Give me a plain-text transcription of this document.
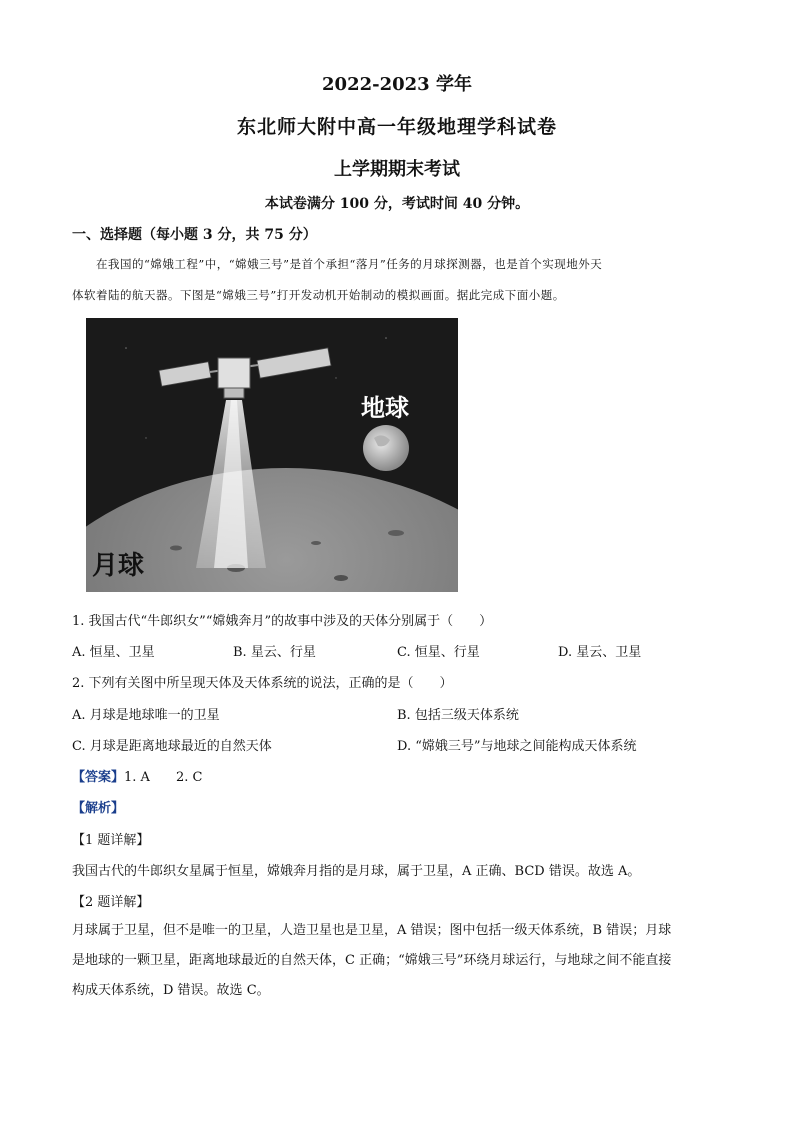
2022-2023 学年
东北师大附中高一年级地理学科试卷
上学期期末考试
本试卷满分 100 分，考试时间 40 分钟。
一、选择题（每小题 3 分，共 75 分）

在我国的“嫦娥工程”中，“嫦娥三号”是首个承担“落月”任务的月球探测器，也是首个实现地外天

体软着陆的航天器。下图是“嫦娥三号”打开发动机开始制动的模拟画面。据此完成下面小题。

地球
月球
1. 我国古代“牛郎织女”“嫦娥奔月”的故事中涉及的天体分别属于（　　）
A. 恒星、卫星	B. 星云、行星	C. 恒星、行星	D. 星云、卫星
2. 下列有关图中所呈现天体及天体系统的说法，正确的是（　　）
A. 月球是地球唯一的卫星	B. 包括三级天体系统
C. 月球是距离地球最近的自然天体	D. “嫦娥三号”与地球之间能构成天体系统
【答案】1. A　　2. C
【解析】
【1 题详解】
我国古代的牛郎织女星属于恒星，嫦娥奔月指的是月球，属于卫星，A 正确、BCD 错误。故选 A。
【2 题详解】

月球属于卫星，但不是唯一的卫星，人造卫星也是卫星，A 错误；图中包括一级天体系统，B 错误；月球

是地球的一颗卫星，距离地球最近的自然天体，C 正确；“嫦娥三号”环绕月球运行，与地球之间不能直接

构成天体系统，D 错误。故选 C。
